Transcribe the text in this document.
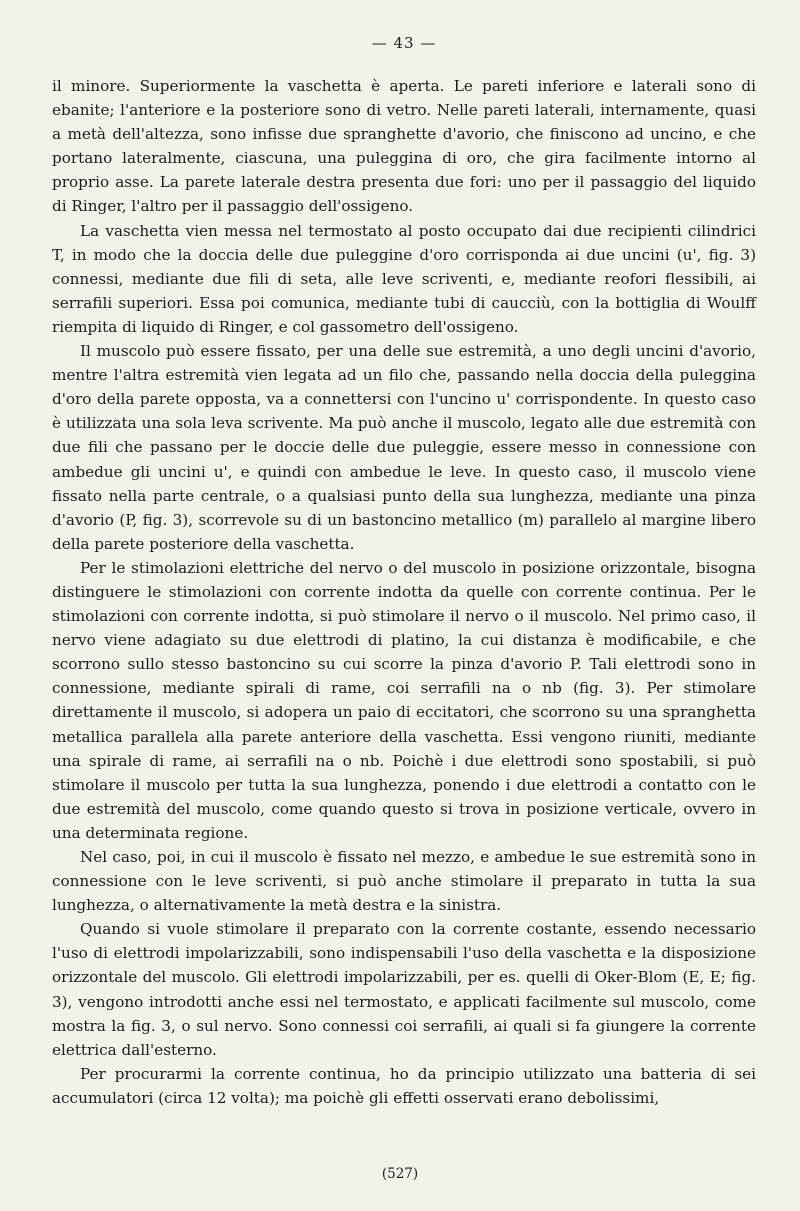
— 43 —

il minore. Superiormente la vaschetta è aperta. Le pareti inferiore e laterali sono di ebanite; l'anteriore e la posteriore sono di vetro. Nelle pareti laterali, internamente, quasi a metà dell'altezza, sono infisse due spranghette d'avorio, che finiscono ad uncino, e che portano lateralmente, ciascuna, una puleggina di oro, che gira facilmente intorno al proprio asse. La parete laterale destra presenta due fori: uno per il passaggio del liquido di Ringer, l'altro per il passaggio dell'ossigeno.

La vaschetta vien messa nel termostato al posto occupato dai due recipienti cilindrici T, in modo che la doccia delle due puleggine d'oro corrisponda ai due uncini (u', fig. 3) connessi, mediante due fili di seta, alle leve scriventi, e, mediante reofori flessibili, ai serrafili superiori. Essa poi comunica, mediante tubi di caucciù, con la bottiglia di Woulff riempita di liquido di Ringer, e col gassometro dell'ossigeno.

Il muscolo può essere fissato, per una delle sue estremità, a uno degli uncini d'avorio, mentre l'altra estremità vien legata ad un filo che, passando nella doccia della puleggina d'oro della parete opposta, va a connettersi con l'uncino u' corrispondente. In questo caso è utilizzata una sola leva scrivente. Ma può anche il muscolo, legato alle due estremità con due fili che passano per le doccie delle due puleggie, essere messo in connessione con ambedue gli uncini u', e quindi con ambedue le leve. In questo caso, il muscolo viene fissato nella parte centrale, o a qualsiasi punto della sua lunghezza, mediante una pinza d'avorio (P, fig. 3), scorrevole su di un bastoncino metallico (m) parallelo al margine libero della parete posteriore della vaschetta.

Per le stimolazioni elettriche del nervo o del muscolo in posizione orizzontale, bisogna distinguere le stimolazioni con corrente indotta da quelle con corrente continua. Per le stimolazioni con corrente indotta, si può stimolare il nervo o il muscolo. Nel primo caso, il nervo viene adagiato su due elettrodi di platino, la cui distanza è modificabile, e che scorrono sullo stesso bastoncino su cui scorre la pinza d'avorio P. Tali elettrodi sono in connessione, mediante spirali di rame, coi serrafili na o nb (fig. 3). Per stimolare direttamente il muscolo, si adopera un paio di eccitatori, che scorrono su una spranghetta metallica parallela alla parete anteriore della vaschetta. Essi vengono riuniti, mediante una spirale di rame, ai serrafili na o nb. Poichè i due elettrodi sono spostabili, si può stimolare il muscolo per tutta la sua lunghezza, ponendo i due elettrodi a contatto con le due estremità del muscolo, come quando questo si trova in posizione verticale, ovvero in una determinata regione.

Nel caso, poi, in cui il muscolo è fissato nel mezzo, e ambedue le sue estremità sono in connessione con le leve scriventi, si può anche stimolare il preparato in tutta la sua lunghezza, o alternativamente la metà destra e la sinistra.

Quando si vuole stimolare il preparato con la corrente costante, essendo necessario l'uso di elettrodi impolarizzabili, sono indispensabili l'uso della vaschetta e la disposizione orizzontale del muscolo. Gli elettrodi impolarizzabili, per es. quelli di Oker-Blom (E, E; fig. 3), vengono introdotti anche essi nel termostato, e applicati facilmente sul muscolo, come mostra la fig. 3, o sul nervo. Sono connessi coi serrafili, ai quali si fa giungere la corrente elettrica dall'esterno.

Per procurarmi la corrente continua, ho da principio utilizzato una batteria di sei accumulatori (circa 12 volta); ma poichè gli effetti osservati erano debolissimi,

(527)
